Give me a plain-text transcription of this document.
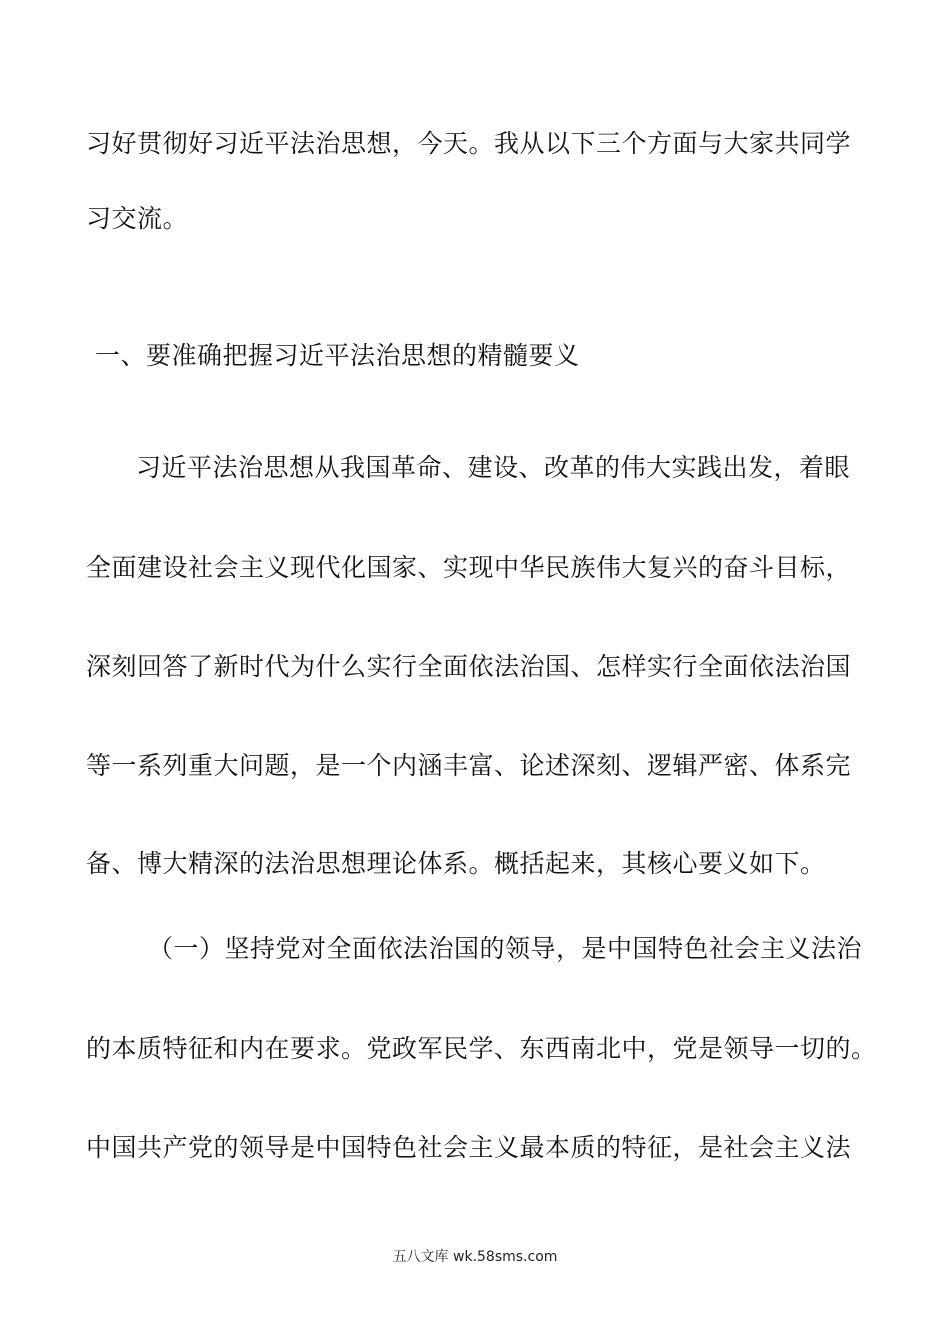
习好贯彻好习近平法治思想，今天。我从以下三个方面与大家共同学
习交流。
一、要准确把握习近平法治思想的精髓要义
习近平法治思想从我国革命、建设、改革的伟大实践出发，着眼
全面建设社会主义现代化国家、实现中华民族伟大复兴的奋斗目标，
深刻回答了新时代为什么实行全面依法治国、怎样实行全面依法治国
等一系列重大问题，是一个内涵丰富、论述深刻、逻辑严密、体系完
备、博大精深的法治思想理论体系。概括起来，其核心要义如下。
（一）坚持党对全面依法治国的领导，是中国特色社会主义法治
的本质特征和内在要求。党政军民学、东西南北中，党是领导一切的。
中国共产党的领导是中国特色社会主义最本质的特征，是社会主义法
五八文库 wk.58sms.com
